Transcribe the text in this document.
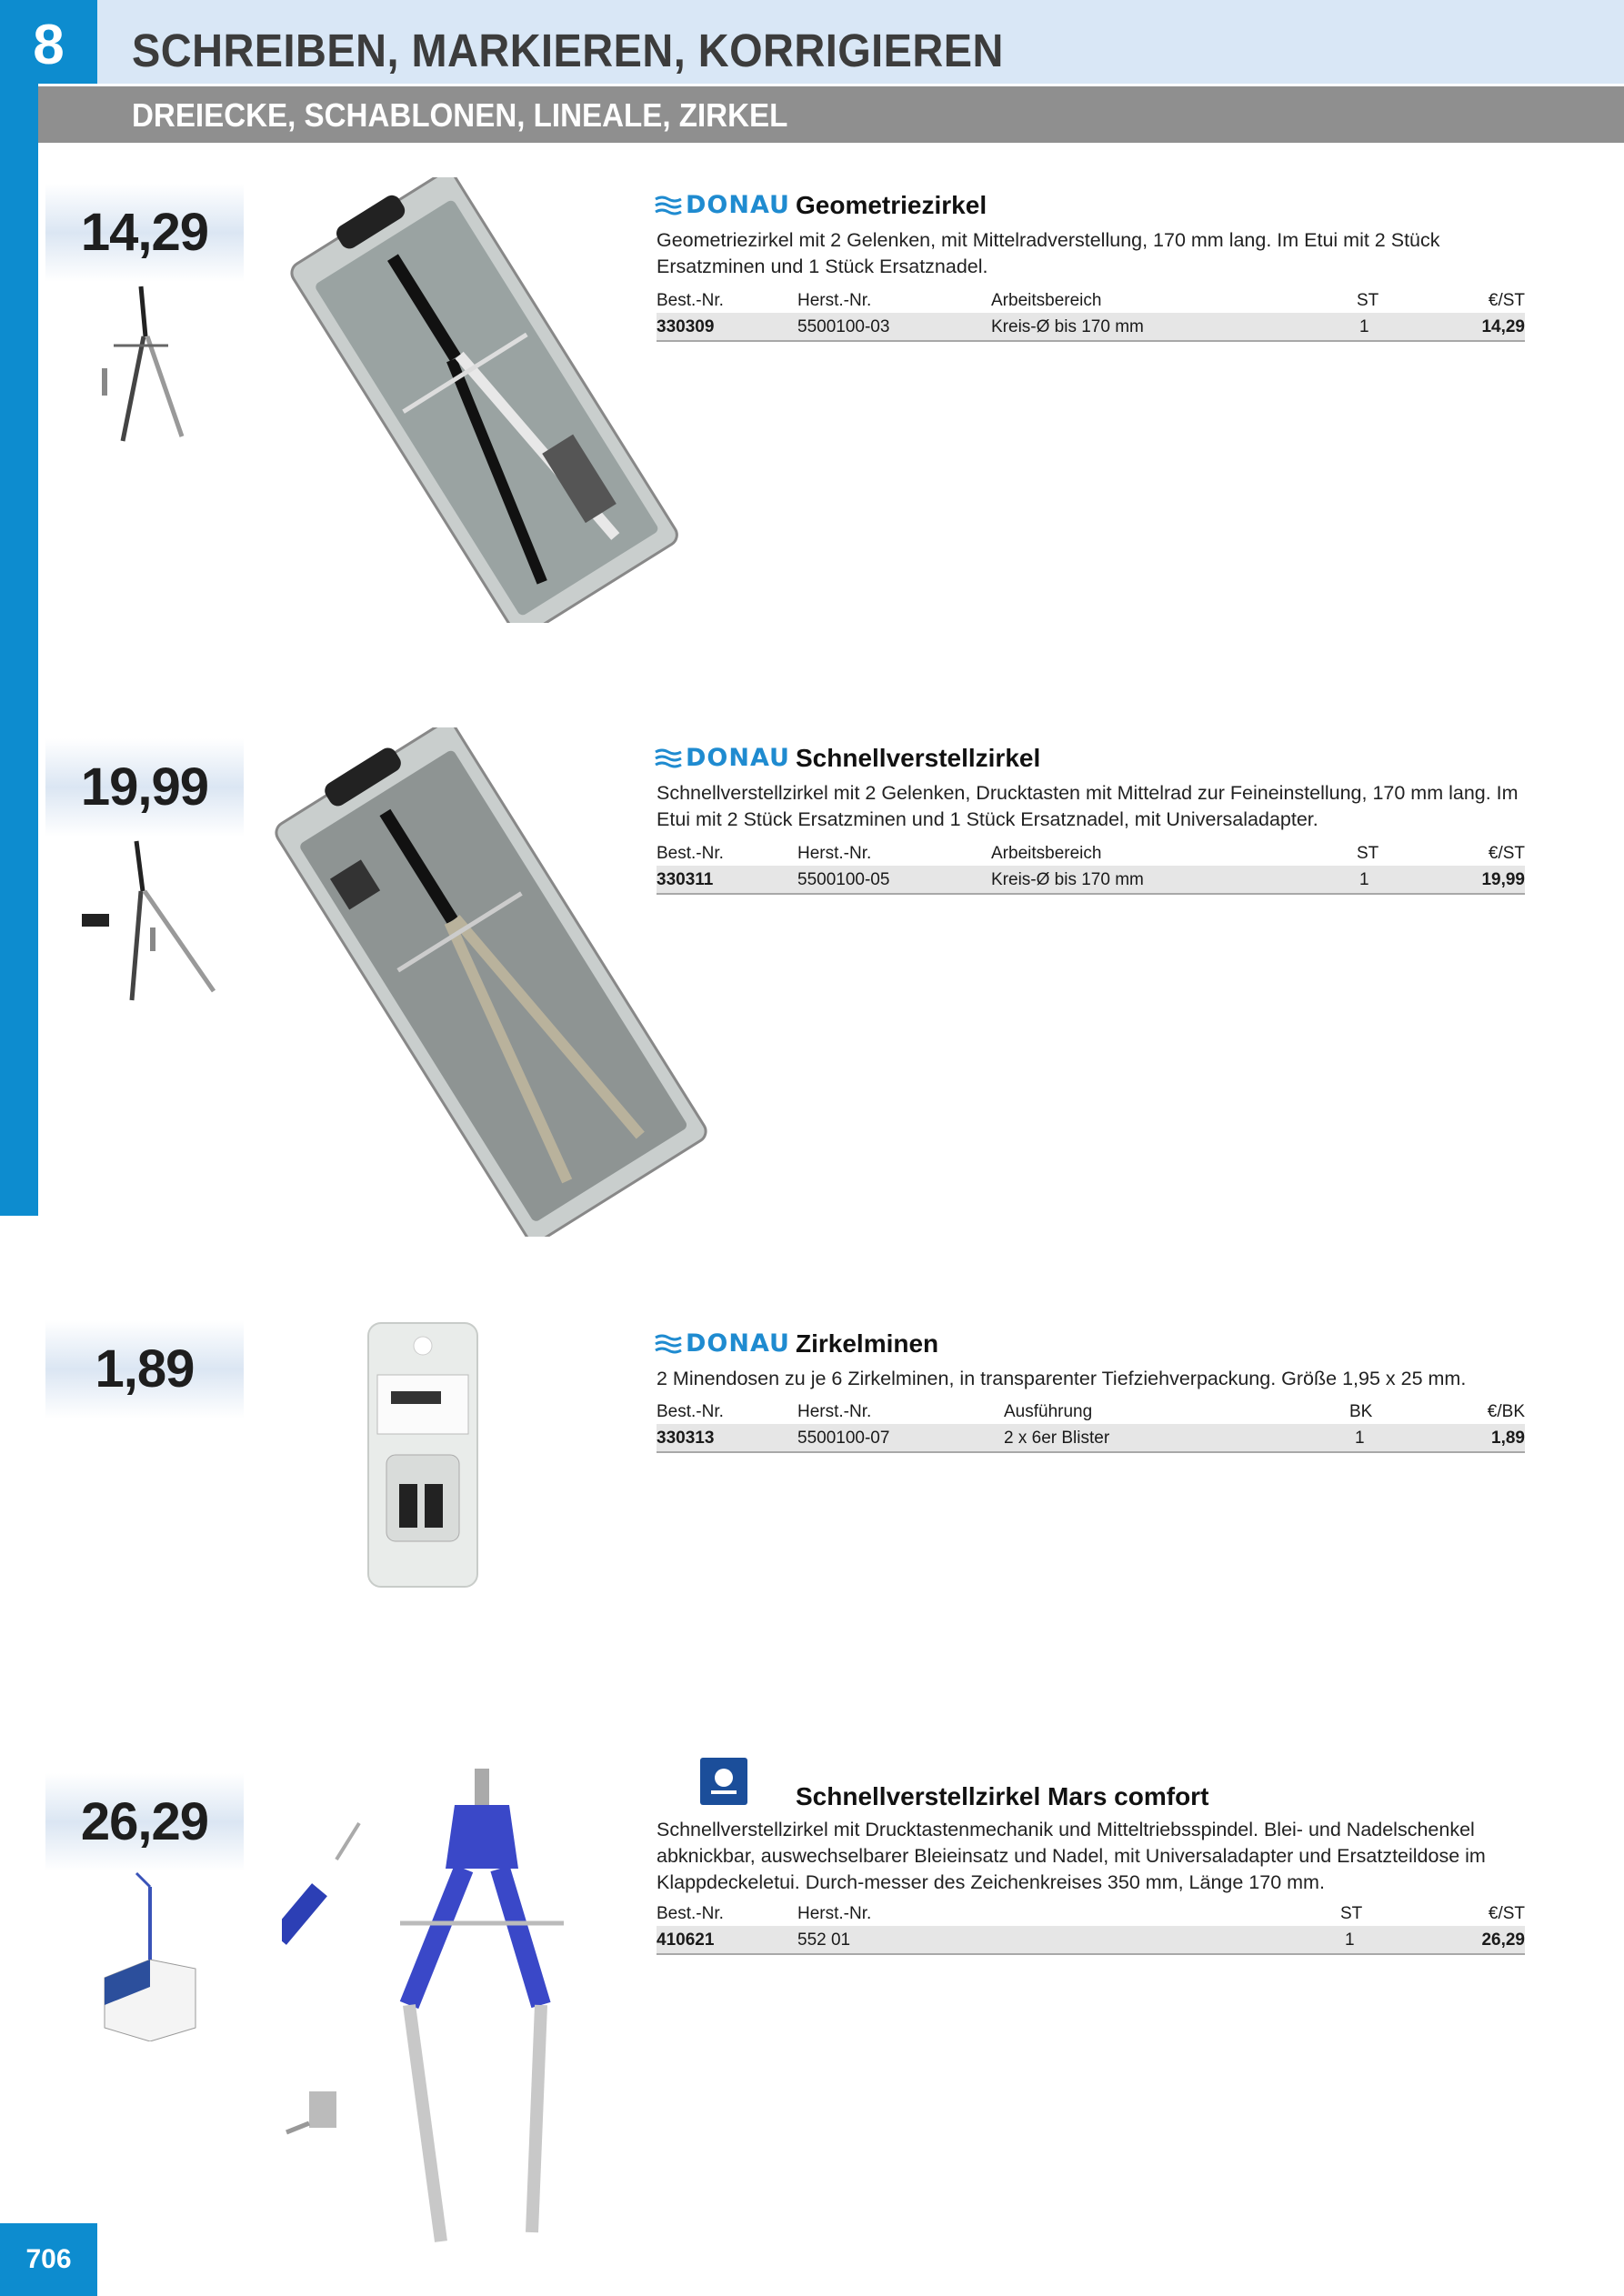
8	SCHREIBEN, MARKIEREN, KORRIGIEREN
DREIECKE, SCHABLONEN, LINEALE, ZIRKEL
14,29	DONAU Geometriezirkel
Geometriezirkel mit 2 Gelenken, mit Mittelradverstellung, 170 mm lang. Im Etui mit 2 Stück Ersatzminen und 1 Stück Ersatznadel.
Best.-Nr.	Herst.-Nr.	Arbeitsbereich	ST	€/ST
330309	5500100-03	Kreis-Ø bis 170 mm	1	14,29
19,99	DONAU Schnellverstellzirkel
Schnellverstellzirkel mit 2 Gelenken, Drucktasten mit Mittelrad zur Feineinstellung, 170 mm lang. Im Etui mit 2 Stück Ersatzminen und 1 Stück Ersatznadel, mit Universaladapter.
Best.-Nr.	Herst.-Nr.	Arbeitsbereich	ST	€/ST
330311	5500100-05	Kreis-Ø bis 170 mm	1	19,99
1,89	DONAU Zirkelminen
2 Minendosen zu je 6 Zirkelminen, in transparenter Tiefziehverpackung. Größe 1,95 x 25 mm.
Best.-Nr.	Herst.-Nr.	Ausführung	BK	€/BK
330313	5500100-07	2 x 6er Blister	1	1,89
26,29	Schnellverstellzirkel Mars comfort
Schnellverstellzirkel mit Drucktastenmechanik und Mitteltriebsspindel. Blei- und Nadelschenkel abknickbar, auswechselbarer Bleieinsatz und Nadel, mit Universaladapter und Ersatzteildose im Klappdeckeletui. Durch-messer des Zeichenkreises 350 mm, Länge 170 mm.
Best.-Nr.	Herst.-Nr.	ST	€/ST
410621	552 01	1	26,29
706
